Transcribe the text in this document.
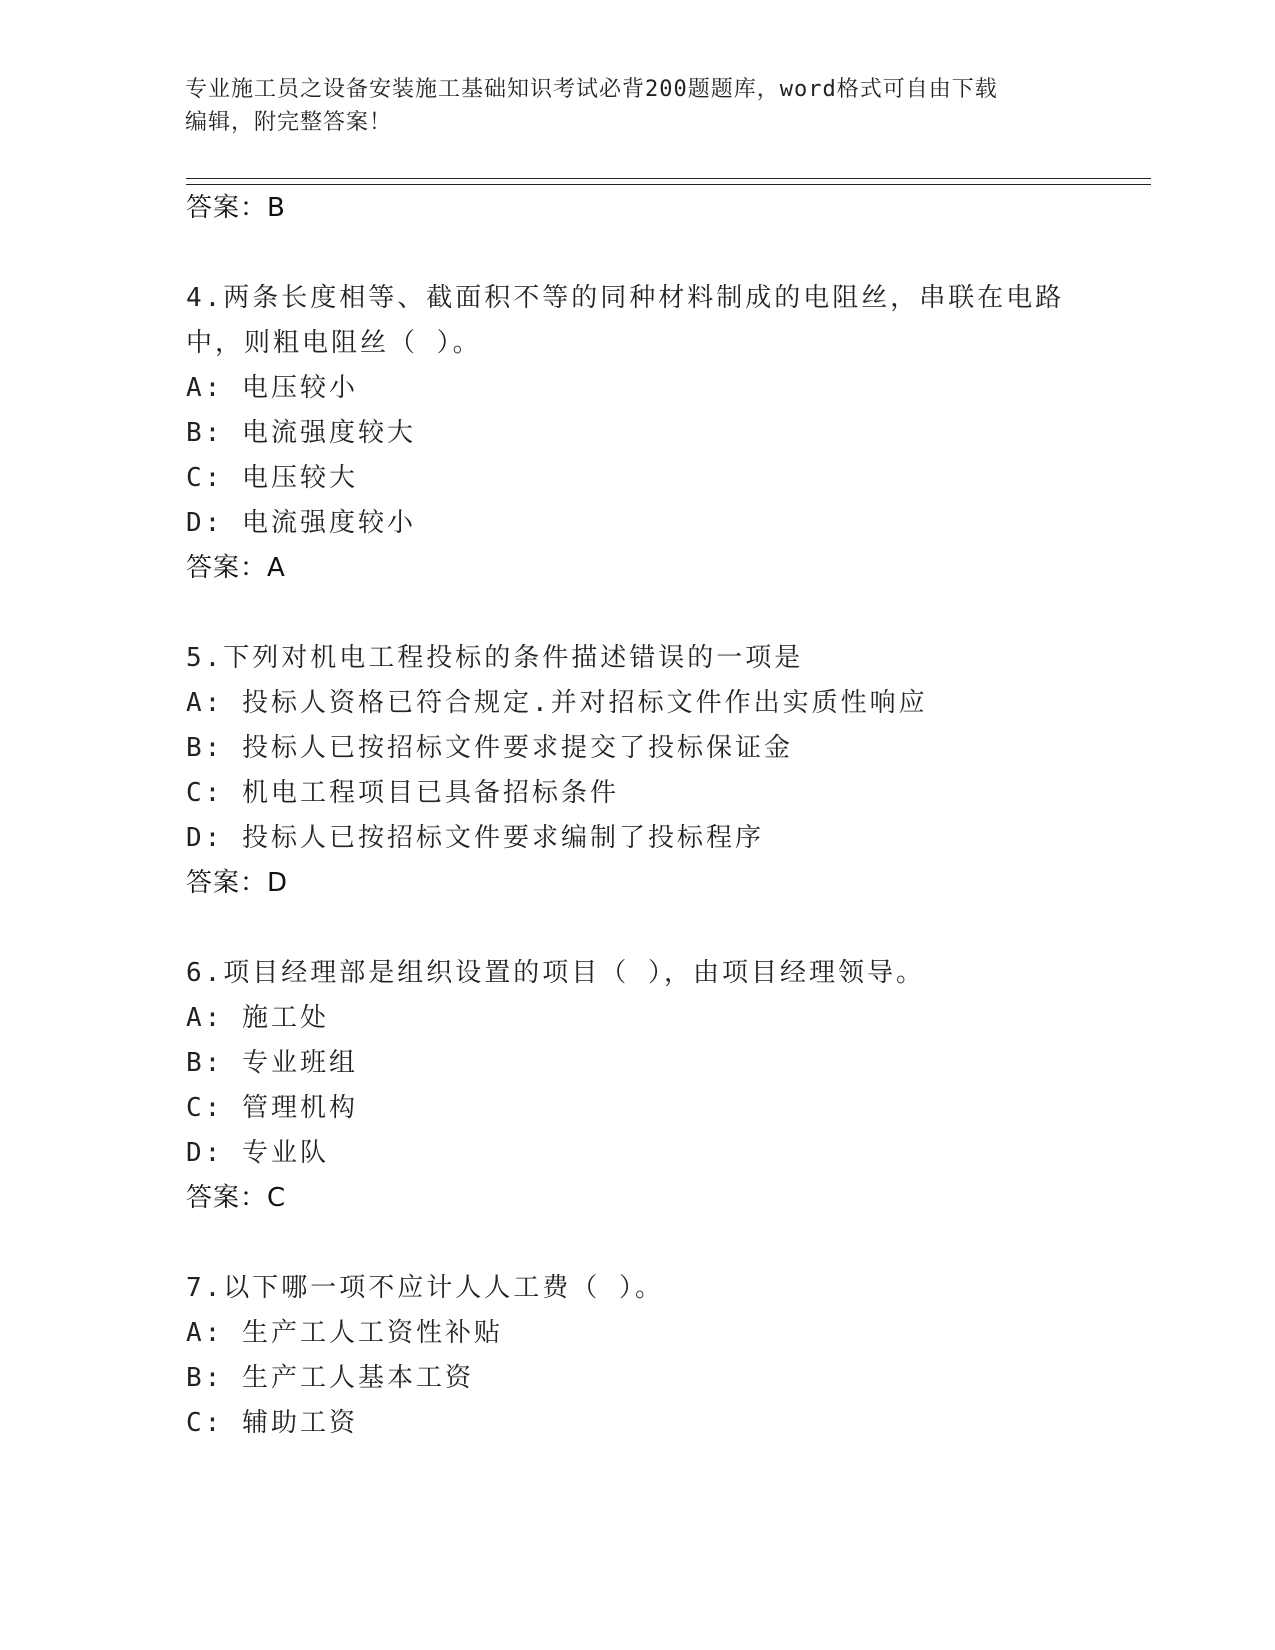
专业施工员之设备安装施工基础知识考试必背200题题库，word格式可自由下载
编辑，附完整答案！
答案：B
4.两条长度相等、截面积不等的同种材料制成的电阻丝，串联在电路
中，则粗电阻丝（ ）。
A: 电压较小
B: 电流强度较大
C: 电压较大
D: 电流强度较小
答案：A
5.下列对机电工程投标的条件描述错误的一项是
A: 投标人资格已符合规定.并对招标文件作出实质性响应
B: 投标人已按招标文件要求提交了投标保证金
C: 机电工程项目已具备招标条件
D: 投标人已按招标文件要求编制了投标程序
答案：D
6.项目经理部是组织设置的项目（ ），由项目经理领导。
A: 施工处
B: 专业班组
C: 管理机构
D: 专业队
答案：C
7.以下哪一项不应计人人工费（ ）。
A: 生产工人工资性补贴
B: 生产工人基本工资
C: 辅助工资
